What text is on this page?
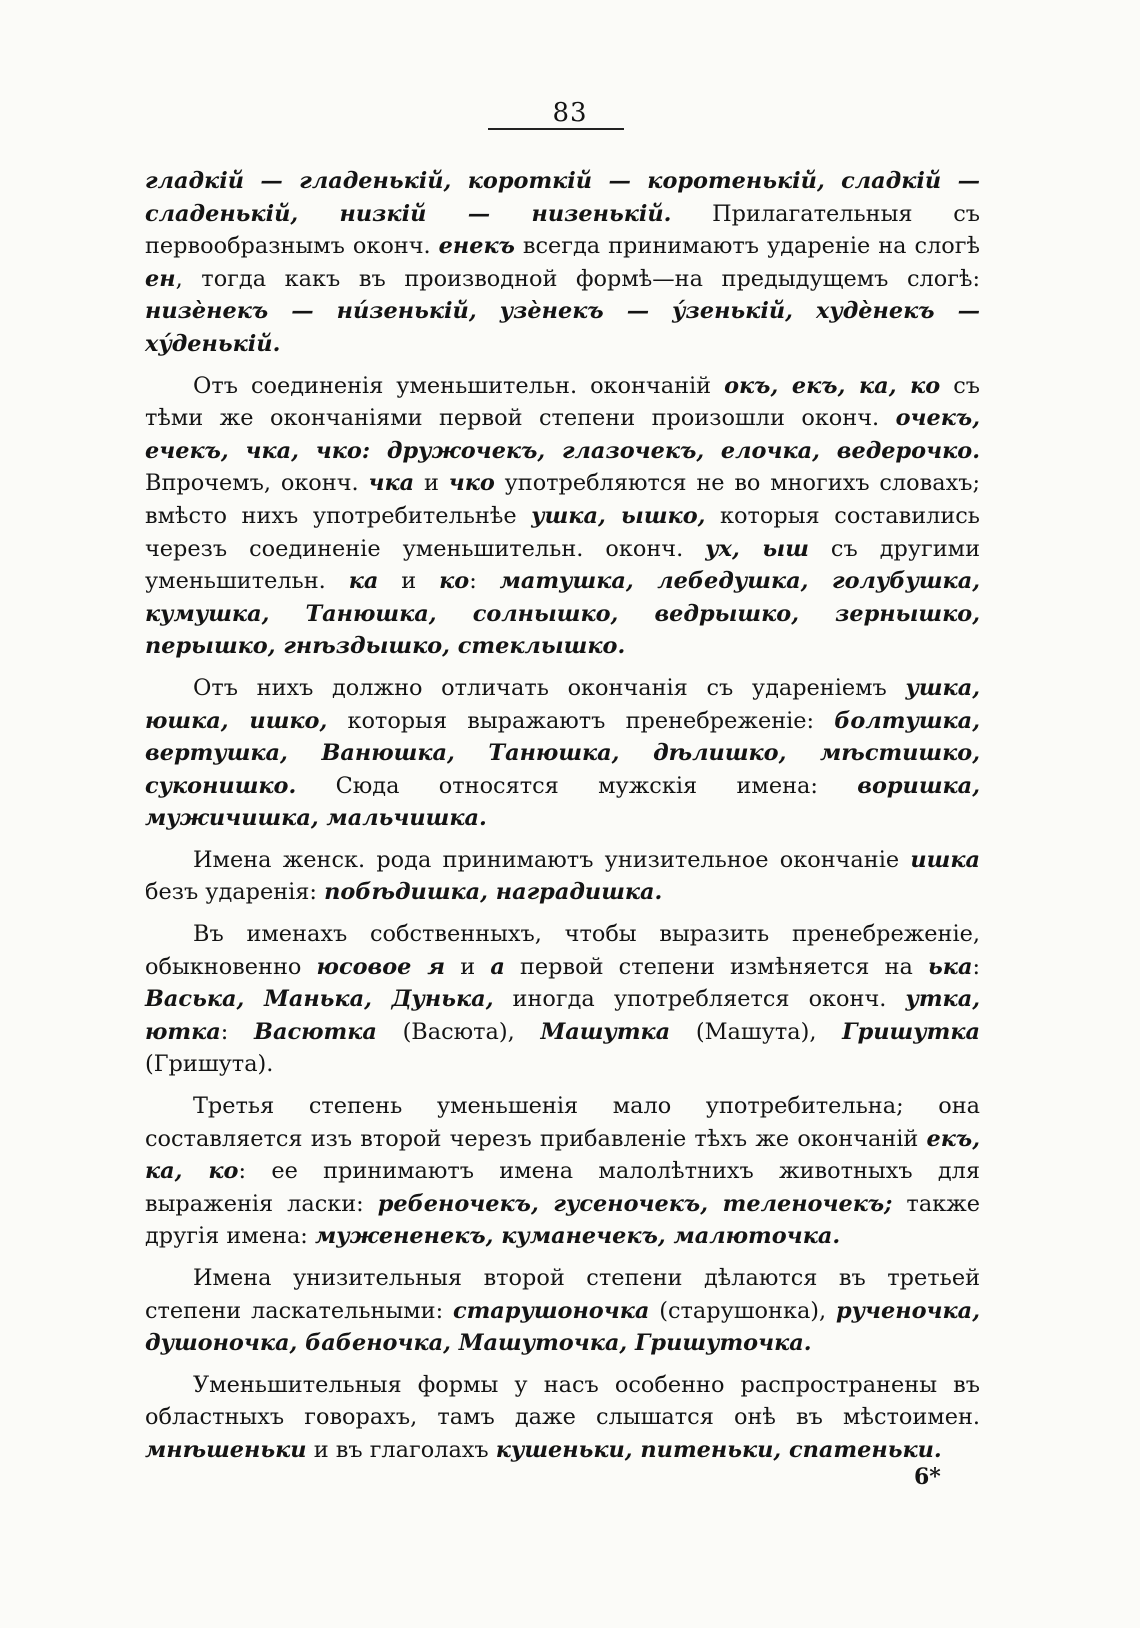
83

гладкій — гладенькій, короткій — коротенькій, сладкій — сладенькій, низкій — низенькій. Прилагательныя съ первообразнымъ оконч. енекъ всегда принимаютъ удареніе на слогѣ ен, тогда какъ въ производной формѣ—на предыдущемъ слогѣ: низѐнекъ — ни́зенькій, узѐнекъ — у́зенькій, худѐнекъ — ху́денькій.

Отъ соединенія уменьшительн. окончаній окъ, екъ, ка, ко съ тѣми же окончаніями первой степени произошли оконч. очекъ, ечекъ, чка, чко: дружочекъ, глазочекъ, елочка, ведерочко. Впрочемъ, оконч. чка и чко употребляются не во многихъ словахъ; вмѣсто нихъ употребительнѣе ушка, ышко, которыя составились черезъ соединеніе уменьшительн. оконч. ух, ыш съ другими уменьшительн. ка и ко: матушка, лебедушка, голубушка, кумушка, Танюшка, солнышко, ведрышко, зернышко, перышко, гнѣздышко, стеклышко.

Отъ нихъ должно отличать окончанія съ удареніемъ ушка, юшка, ишко, которыя выражаютъ пренебреженіе: болтушка, вертушка, Ванюшка, Танюшка, дѣлишко, мѣстишко, суконишко. Сюда относятся мужскія имена: воришка, мужичишка, мальчишка.

Имена женск. рода принимаютъ унизительное окончаніе ишка безъ ударенія: побѣдишка, наградишка.

Въ именахъ собственныхъ, чтобы выразить пренебреженіе, обыкновенно юсовое я и а первой степени измѣняется на ька: Васька, Манька, Дунька, иногда употребляется оконч. утка, ютка: Васютка (Васюта), Машутка (Машута), Гришутка (Гришута).

Третья степень уменьшенія мало употребительна; она составляется изъ второй черезъ прибавленіе тѣхъ же окончаній екъ, ка, ко: ее принимаютъ имена малолѣтнихъ животныхъ для выраженія ласки: ребеночекъ, гусеночекъ, теленочекъ; также другія имена: мужененекъ, куманечекъ, малюточка.

Имена унизительныя второй степени дѣлаются въ третьей степени ласкательными: старушоночка (старушонка), рученочка, душоночка, бабеночка, Машуточка, Гришуточка.

Уменьшительныя формы у насъ особенно распространены въ областныхъ говорахъ, тамъ даже слышатся онѣ въ мѣстоимен. мнѣшеньки и въ глаголахъ кушеньки, питеньки, спатеньки.

6*
